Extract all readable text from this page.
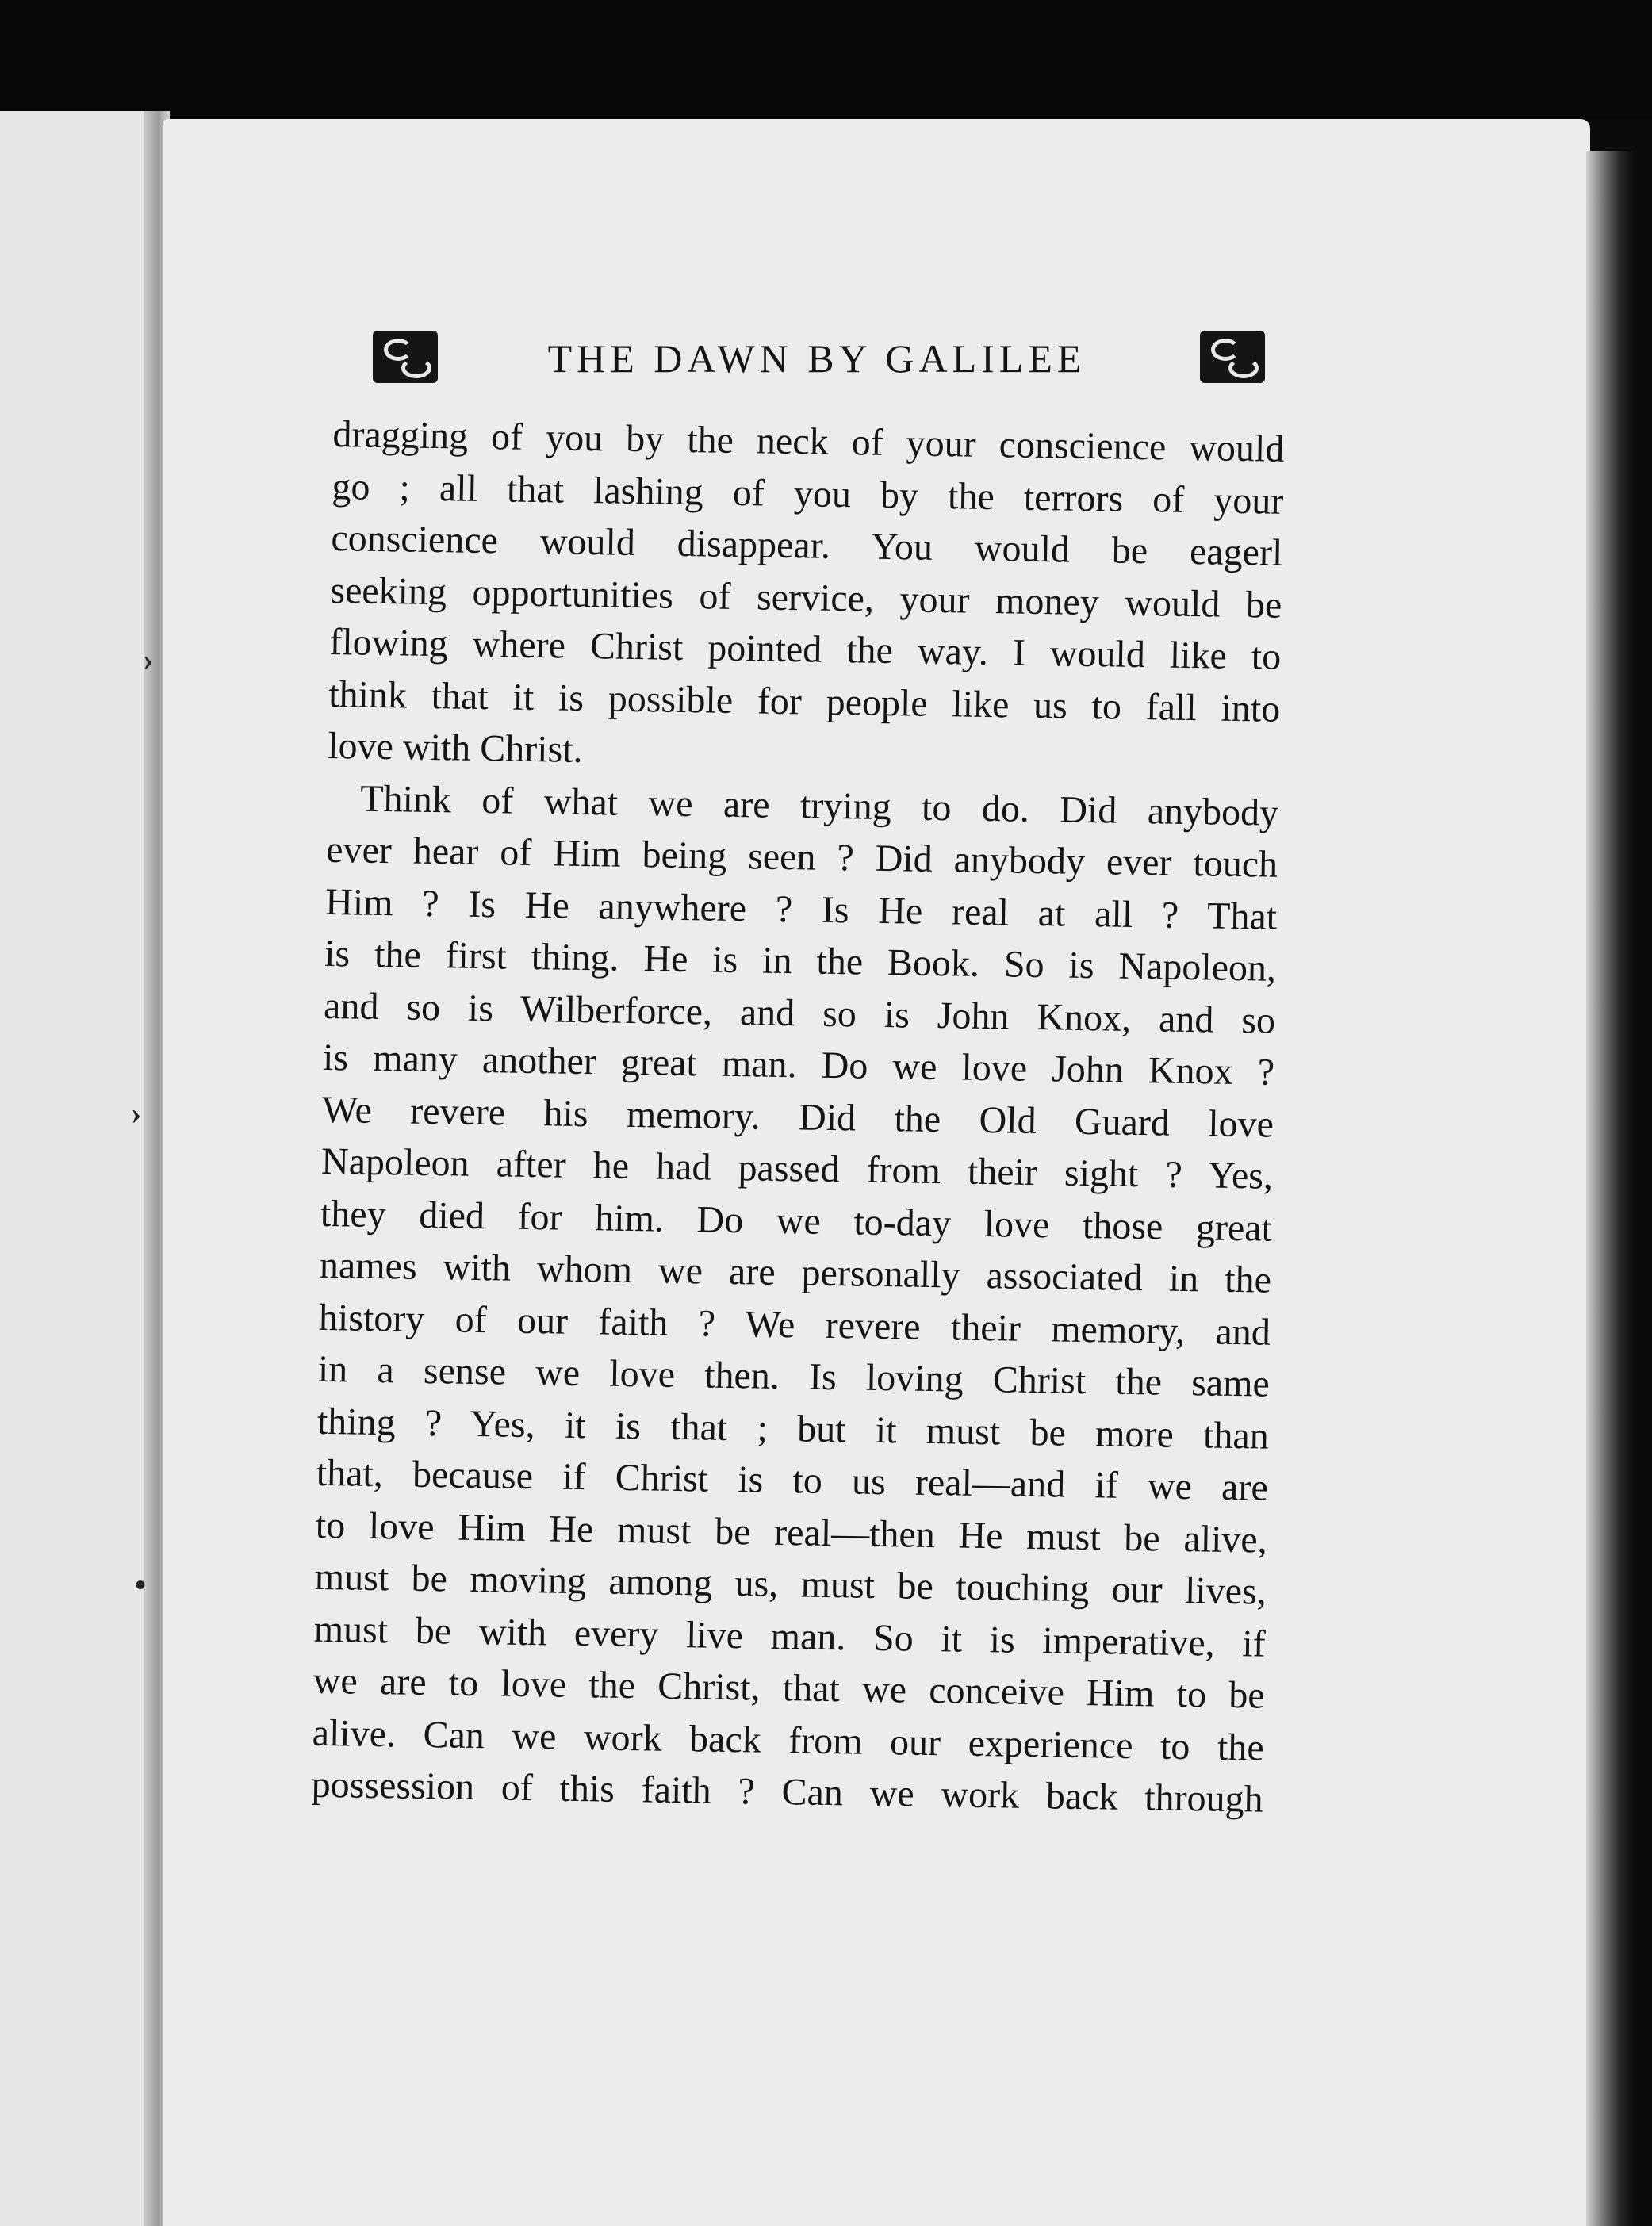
›
›
•
THE DAWN BY GALILEE
dragging of you by the neck of your conscience would
go ; all that lashing of you by the terrors of your
conscience would disappear. You would be eagerl
seeking opportunities of service, your money would be
flowing where Christ pointed the way. I would like to
think that it is possible for people like us to fall into
love with Christ.
Think of what we are trying to do. Did anybody
ever hear of Him being seen ? Did anybody ever touch
Him ? Is He anywhere ? Is He real at all ? That
is the first thing. He is in the Book. So is Napoleon,
and so is Wilberforce, and so is John Knox, and so
is many another great man. Do we love John Knox ?
We revere his memory. Did the Old Guard love
Napoleon after he had passed from their sight ? Yes,
they died for him. Do we to-day love those great
names with whom we are personally associated in the
history of our faith ? We revere their memory, and
in a sense we love then. Is loving Christ the same
thing ? Yes, it is that ; but it must be more than
that, because if Christ is to us real—and if we are
to love Him He must be real—then He must be alive,
must be moving among us, must be touching our lives,
must be with every live man. So it is imperative, if
we are to love the Christ, that we conceive Him to be
alive. Can we work back from our experience to the
possession of this faith ? Can we work back through
